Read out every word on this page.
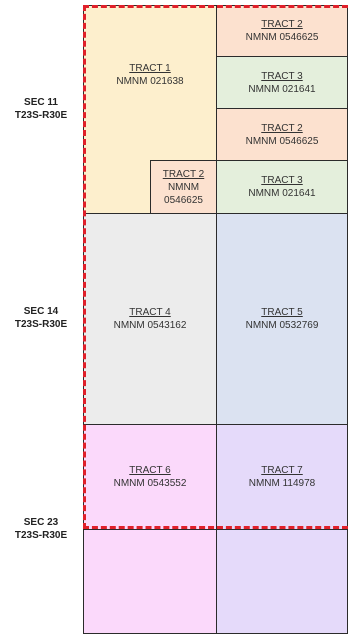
SEC 11
T23S-R30E
SEC 14
T23S-R30E
SEC 23
T23S-R30E
TRACT 1
NMNM 021638
TRACT 2
NMNM
0546625
TRACT 2
NMNM 0546625
TRACT 3
NMNM 021641
TRACT 2
NMNM 0546625
TRACT 3
NMNM 021641
TRACT 4
NMNM 0543162
TRACT 5
NMNM 0532769
TRACT 6
NMNM 0543552
TRACT 7
NMNM 114978
